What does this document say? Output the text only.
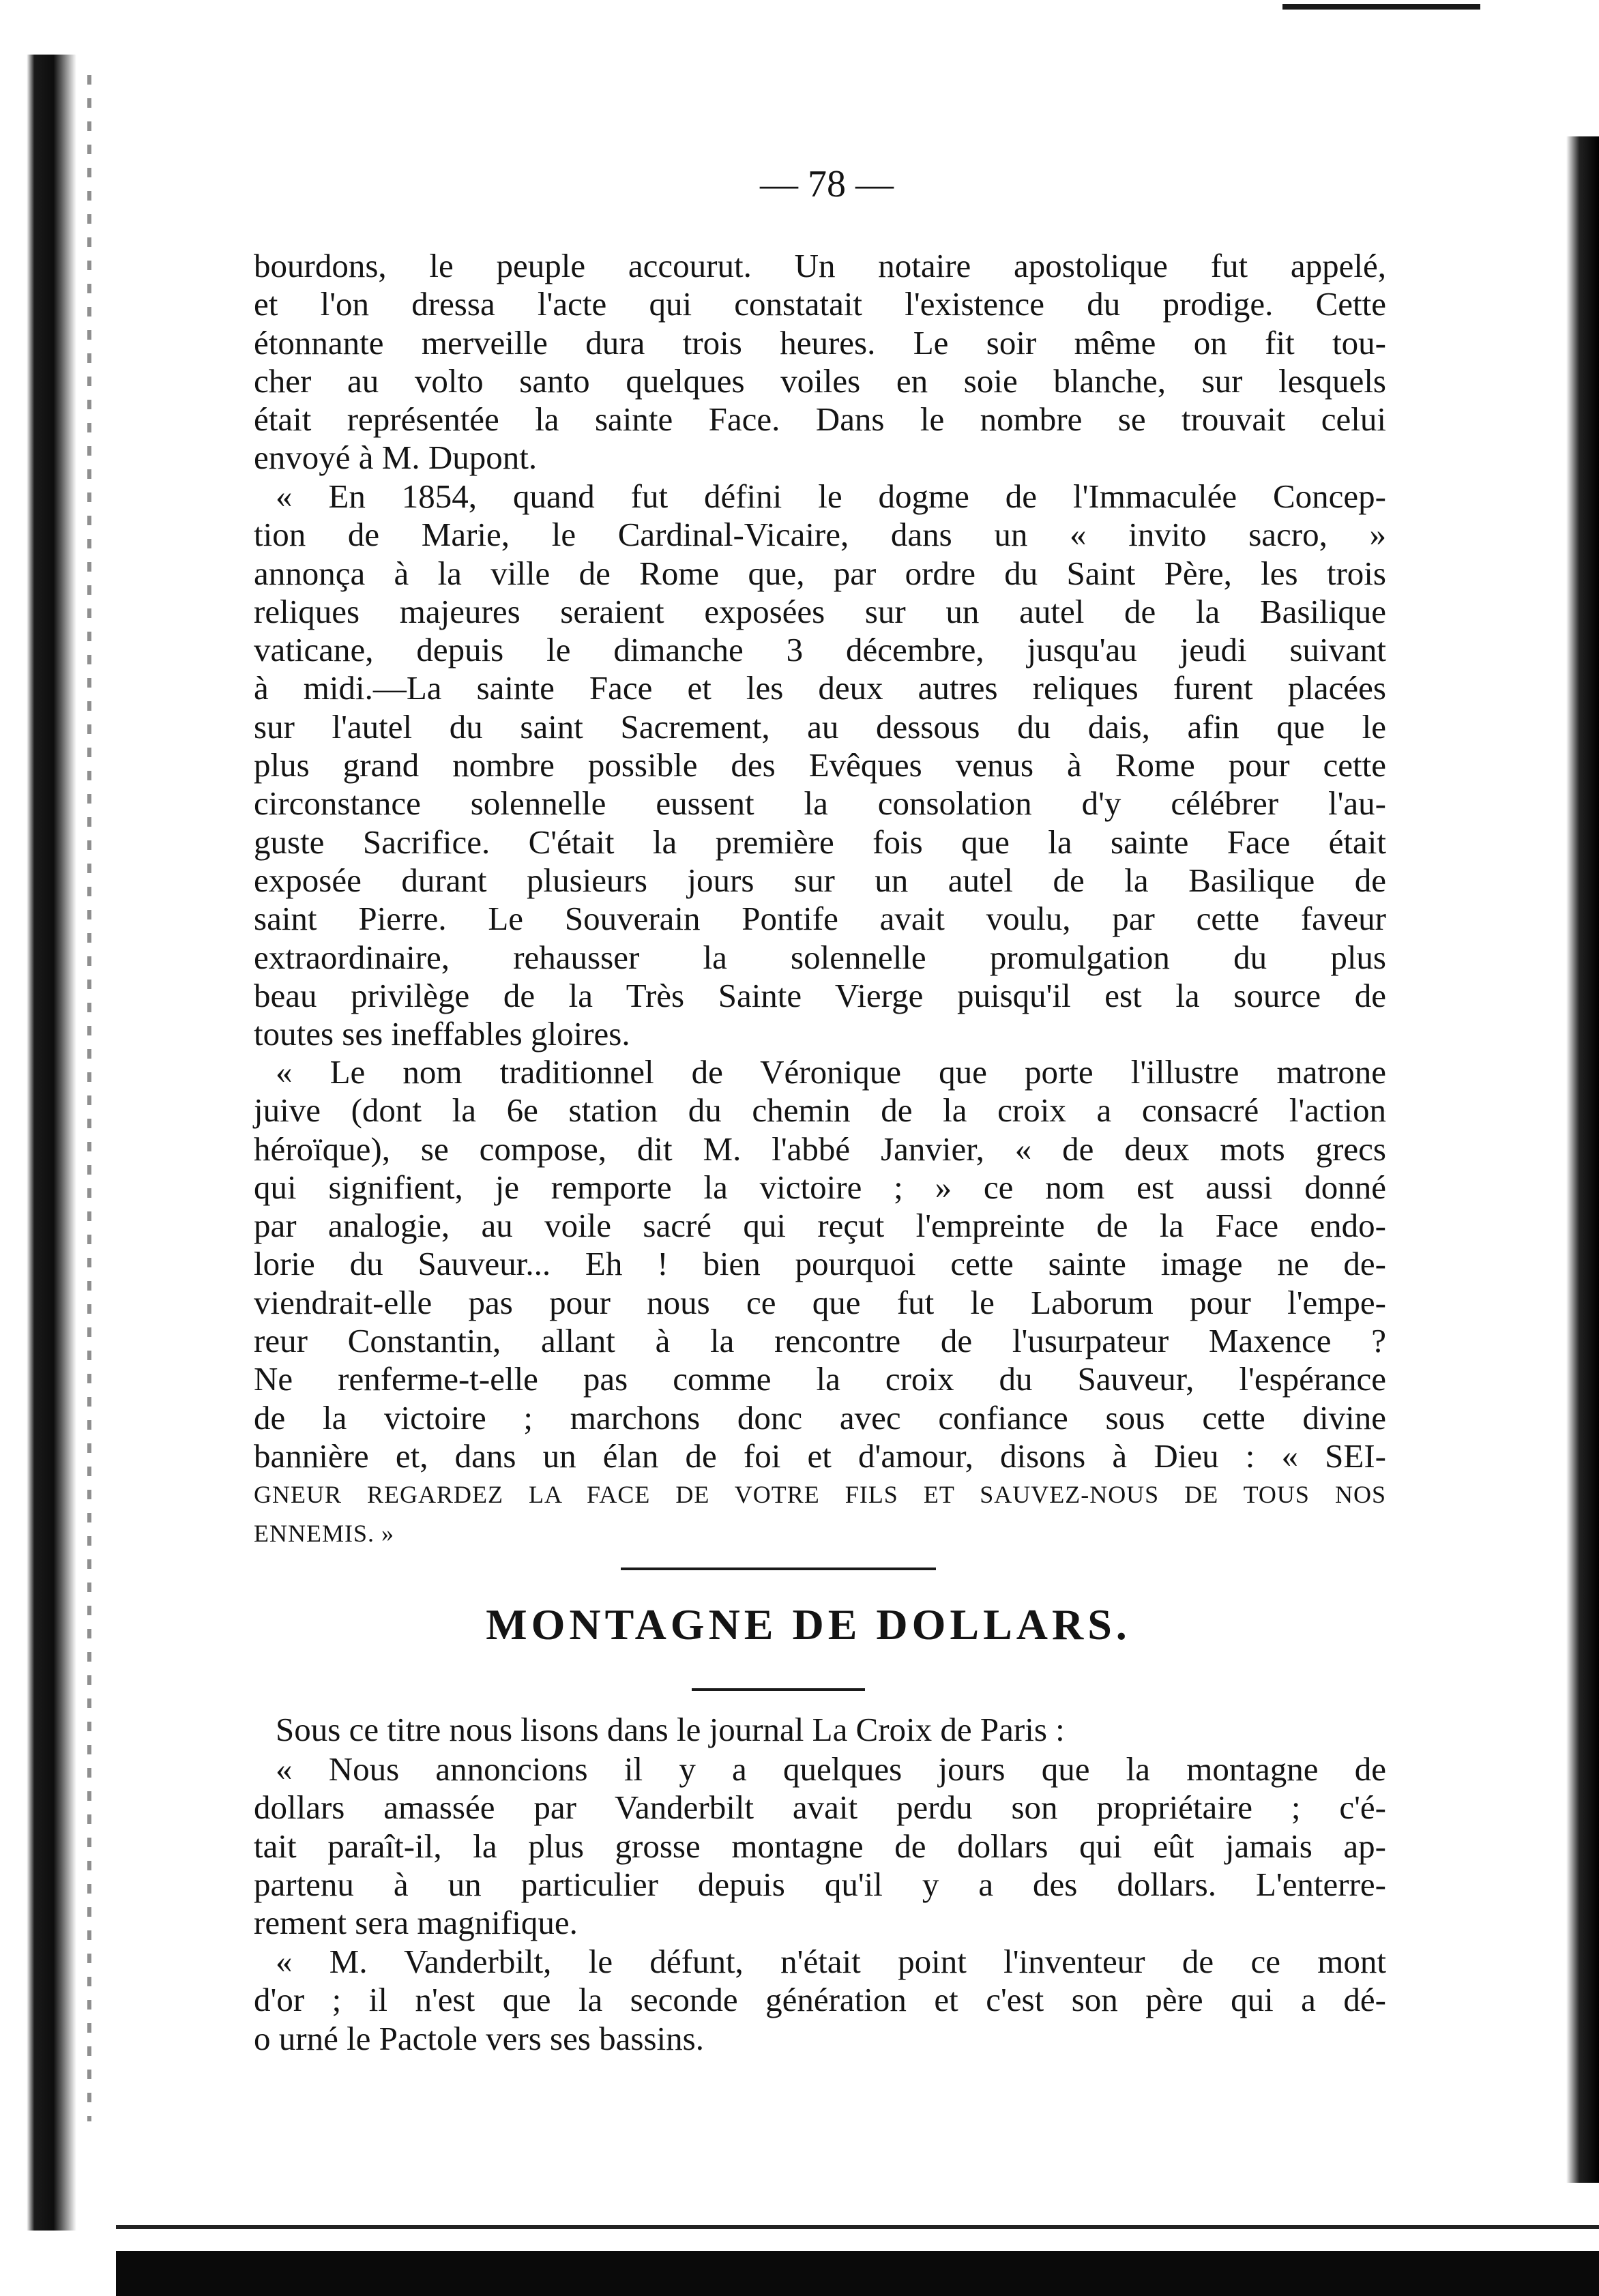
— 78 —
bourdons, le peuple accourut. Un notaire apostolique fut appelé,
et l'on dressa l'acte qui constatait l'existence du prodige. Cette
étonnante merveille dura trois heures. Le soir même on fit tou-
cher au volto santo quelques voiles en soie blanche, sur lesquels
était représentée la sainte Face. Dans le nombre se trouvait celui
envoyé à M. Dupont.
« En 1854, quand fut défini le dogme de l'Immaculée Concep-
tion de Marie, le Cardinal-Vicaire, dans un « invito sacro, »
annonça à la ville de Rome que, par ordre du Saint Père, les trois
reliques majeures seraient exposées sur un autel de la Basilique
vaticane, depuis le dimanche 3 décembre, jusqu'au jeudi suivant
à midi.—La sainte Face et les deux autres reliques furent placées
sur l'autel du saint Sacrement, au dessous du dais, afin que le
plus grand nombre possible des Evêques venus à Rome pour cette
circonstance solennelle eussent la consolation d'y célébrer l'au-
guste Sacrifice. C'était la première fois que la sainte Face était
exposée durant plusieurs jours sur un autel de la Basilique de
saint Pierre. Le Souverain Pontife avait voulu, par cette faveur
extraordinaire, rehausser la solennelle promulgation du plus
beau privilège de la Très Sainte Vierge puisqu'il est la source de
toutes ses ineffables gloires.
« Le nom traditionnel de Véronique que porte l'illustre matrone
juive (dont la 6e station du chemin de la croix a consacré l'action
héroïque), se compose, dit M. l'abbé Janvier, « de deux mots grecs
qui signifient, je remporte la victoire ; » ce nom est aussi donné
par analogie, au voile sacré qui reçut l'empreinte de la Face endo-
lorie du Sauveur... Eh ! bien pourquoi cette sainte image ne de-
viendrait-elle pas pour nous ce que fut le Laborum pour l'empe-
reur Constantin, allant à la rencontre de l'usurpateur Maxence ?
Ne renferme-t-elle pas comme la croix du Sauveur, l'espérance
de la victoire ; marchons donc avec confiance sous cette divine
bannière et, dans un élan de foi et d'amour, disons à Dieu : « SEI-
GNEUR REGARDEZ LA FACE DE VOTRE FILS ET SAUVEZ-NOUS DE TOUS NOS
ENNEMIS. »
MONTAGNE DE DOLLARS.
Sous ce titre nous lisons dans le journal La Croix de Paris :
« Nous annoncions il y a quelques jours que la montagne de
dollars amassée par Vanderbilt avait perdu son propriétaire ; c'é-
tait paraît-il, la plus grosse montagne de dollars qui eût jamais ap-
partenu à un particulier depuis qu'il y a des dollars. L'enterre-
rement sera magnifique.
« M. Vanderbilt, le défunt, n'était point l'inventeur de ce mont
d'or ; il n'est que la seconde génération et c'est son père qui a dé-
o urné le Pactole vers ses bassins.
